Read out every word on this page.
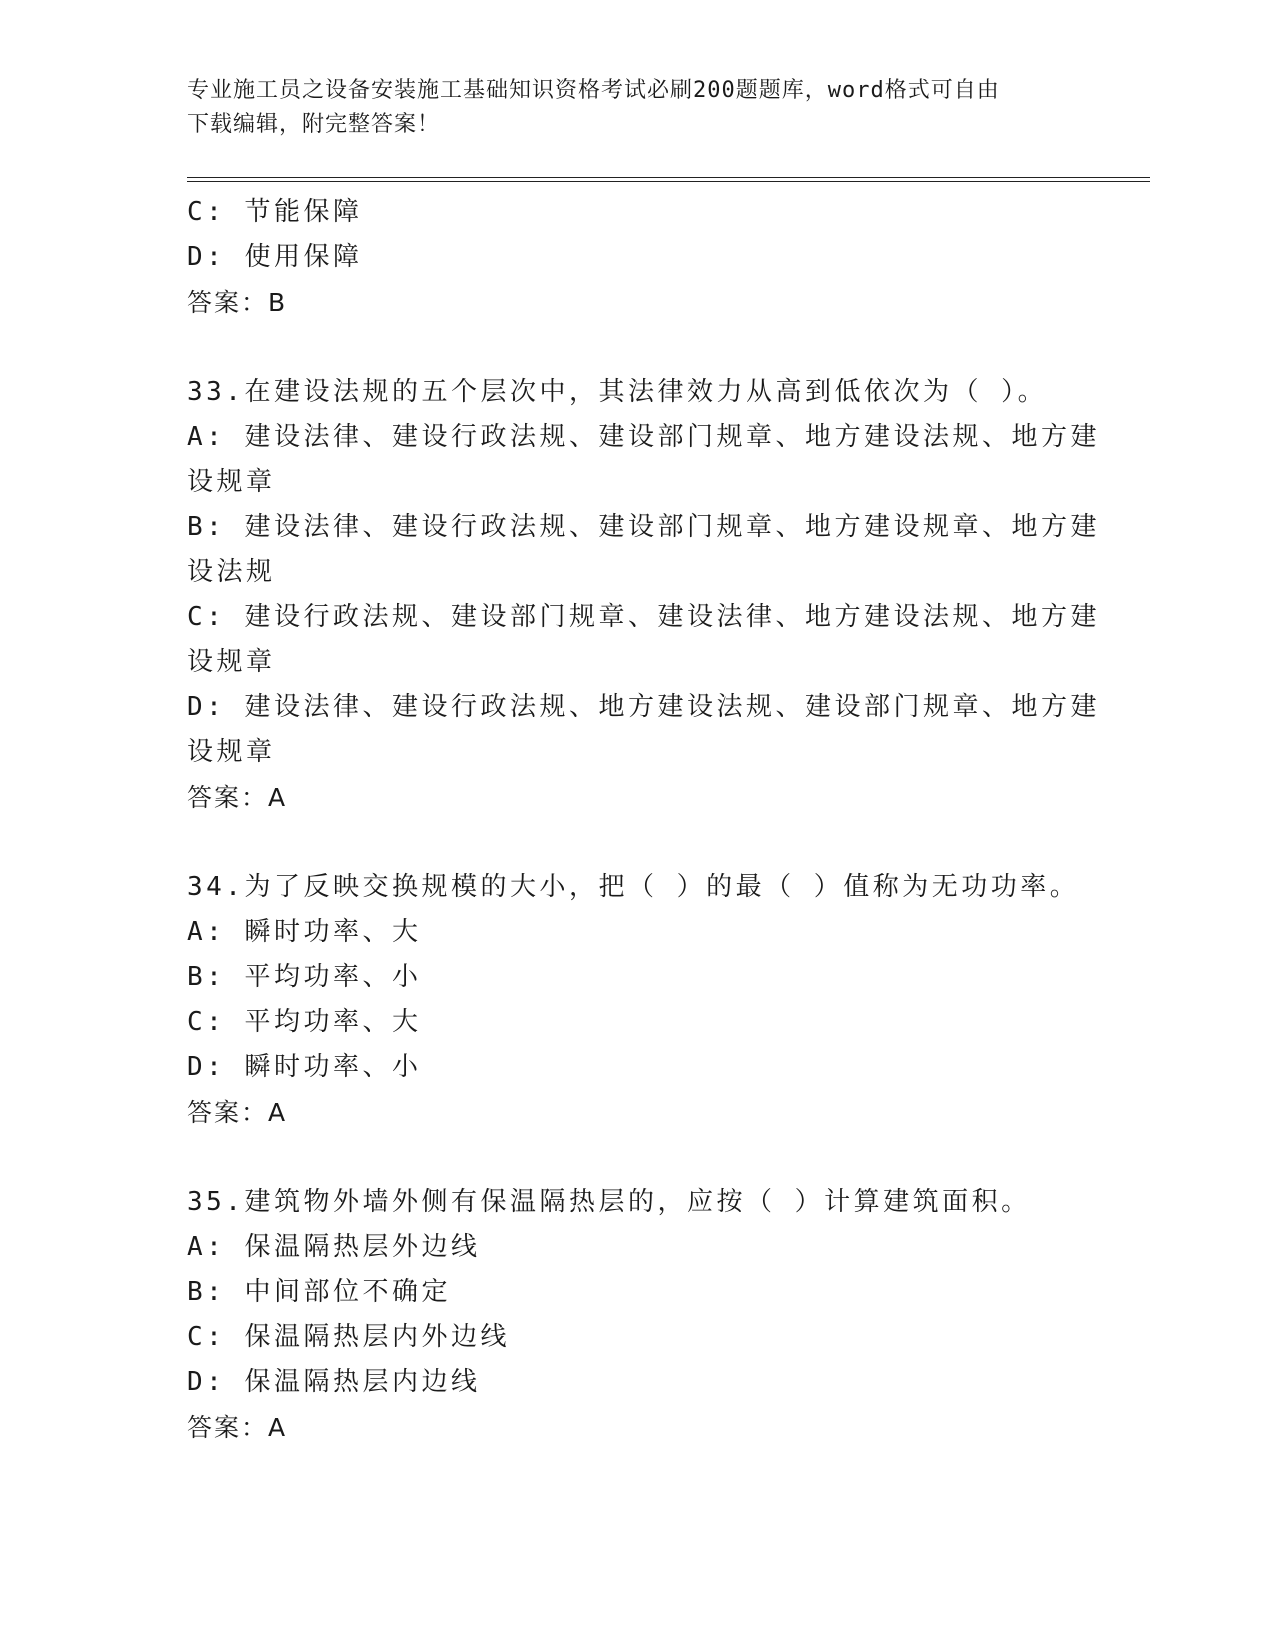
专业施工员之设备安装施工基础知识资格考试必刷200题题库，word格式可自由
下载编辑，附完整答案！
C: 节能保障
D: 使用保障
答案：B
33.在建设法规的五个层次中，其法律效力从高到低依次为（ ）。
A: 建设法律、建设行政法规、建设部门规章、地方建设法规、地方建
设规章
B: 建设法律、建设行政法规、建设部门规章、地方建设规章、地方建
设法规
C: 建设行政法规、建设部门规章、建设法律、地方建设法规、地方建
设规章
D: 建设法律、建设行政法规、地方建设法规、建设部门规章、地方建
设规章
答案：A
34.为了反映交换规模的大小，把（ ）的最（ ）值称为无功功率。
A: 瞬时功率、大
B: 平均功率、小
C: 平均功率、大
D: 瞬时功率、小
答案：A
35.建筑物外墙外侧有保温隔热层的，应按（ ）计算建筑面积。
A: 保温隔热层外边线
B: 中间部位不确定
C: 保温隔热层内外边线
D: 保温隔热层内边线
答案：A
